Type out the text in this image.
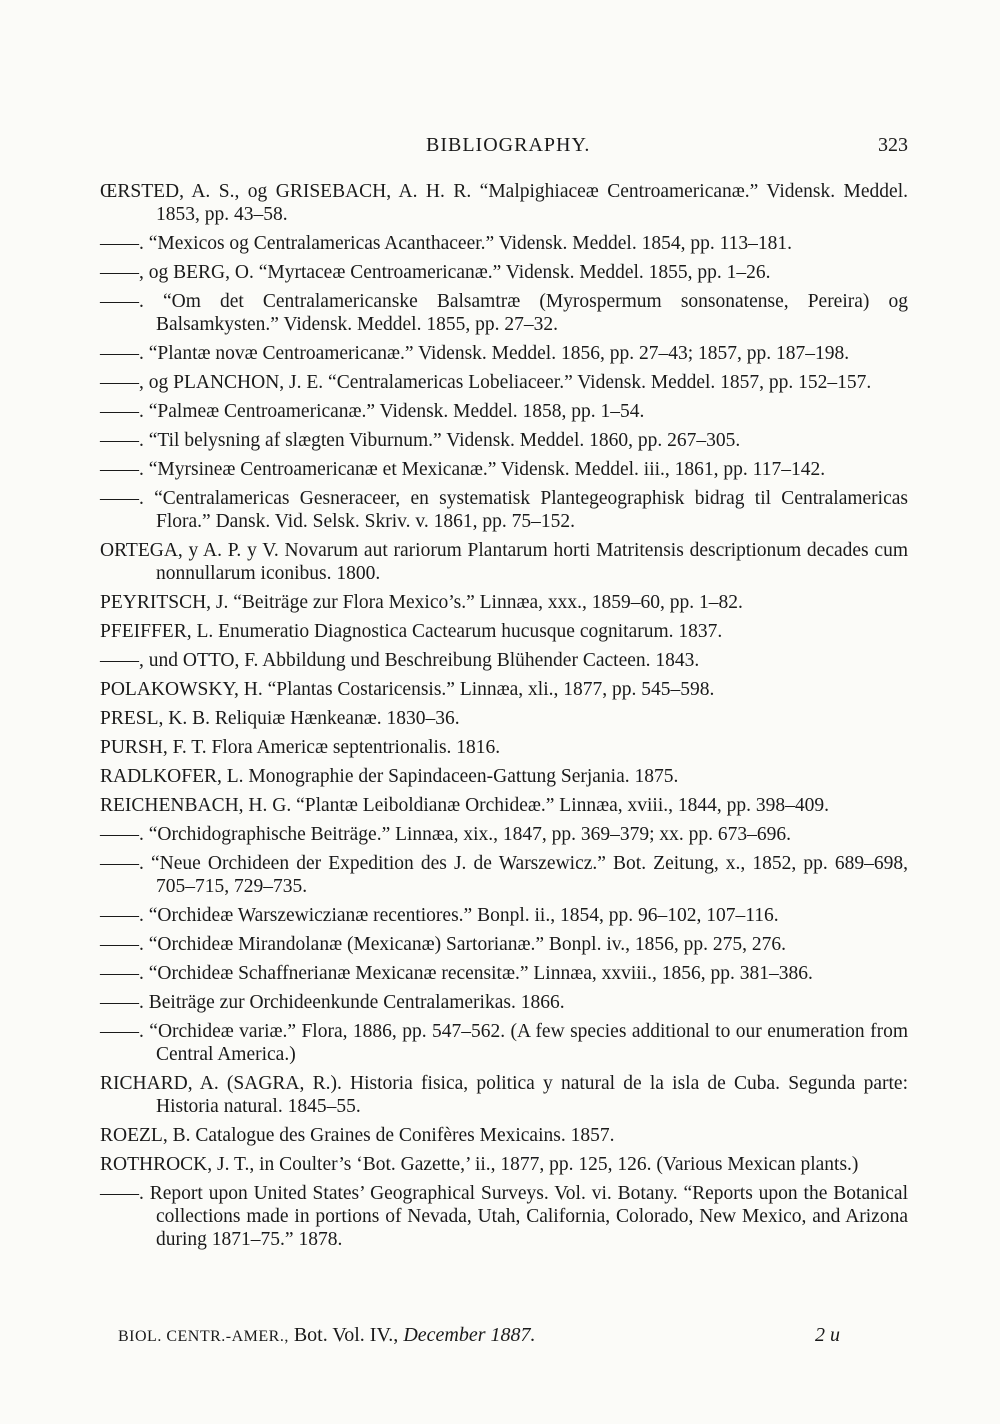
BIBLIOGRAPHY.	323
ŒRSTED, A. S., og GRISEBACH, A. H. R. “Malpighiaceæ Centroamericanæ.” Vidensk. Meddel. 1853, pp. 43–58.
——. “Mexicos og Centralamericas Acanthaceer.” Vidensk. Meddel. 1854, pp. 113–181.
——, og BERG, O. “Myrtaceæ Centroamericanæ.” Vidensk. Meddel. 1855, pp. 1–26.
——. “Om det Centralamericanske Balsamtræ (Myrospermum sonsonatense, Pereira) og Balsamkysten.” Vidensk. Meddel. 1855, pp. 27–32.
——. “Plantæ novæ Centroamericanæ.” Vidensk. Meddel. 1856, pp. 27–43; 1857, pp. 187–198.
——, og PLANCHON, J. E. “Centralamericas Lobeliaceer.” Vidensk. Meddel. 1857, pp. 152–157.
——. “Palmeæ Centroamericanæ.” Vidensk. Meddel. 1858, pp. 1–54.
——. “Til belysning af slægten Viburnum.” Vidensk. Meddel. 1860, pp. 267–305.
——. “Myrsineæ Centroamericanæ et Mexicanæ.” Vidensk. Meddel. iii., 1861, pp. 117–142.
——. “Centralamericas Gesneraceer, en systematisk Plantegeographisk bidrag til Centralamericas Flora.” Dansk. Vid. Selsk. Skriv. v. 1861, pp. 75–152.
ORTEGA, y A. P. y V. Novarum aut rariorum Plantarum horti Matritensis descriptionum decades cum nonnullarum iconibus. 1800.
PEYRITSCH, J. “Beiträge zur Flora Mexico’s.” Linnæa, xxx., 1859–60, pp. 1–82.
PFEIFFER, L. Enumeratio Diagnostica Cactearum hucusque cognitarum. 1837.
——, und OTTO, F. Abbildung und Beschreibung Blühender Cacteen. 1843.
POLAKOWSKY, H. “Plantas Costaricensis.” Linnæa, xli., 1877, pp. 545–598.
PRESL, K. B. Reliquiæ Hænkeanæ. 1830–36.
PURSH, F. T. Flora Americæ septentrionalis. 1816.
RADLKOFER, L. Monographie der Sapindaceen-Gattung Serjania. 1875.
REICHENBACH, H. G. “Plantæ Leiboldianæ Orchideæ.” Linnæa, xviii., 1844, pp. 398–409.
——. “Orchidographische Beiträge.” Linnæa, xix., 1847, pp. 369–379; xx. pp. 673–696.
——. “Neue Orchideen der Expedition des J. de Warszewicz.” Bot. Zeitung, x., 1852, pp. 689–698, 705–715, 729–735.
——. “Orchideæ Warszewiczianæ recentiores.” Bonpl. ii., 1854, pp. 96–102, 107–116.
——. “Orchideæ Mirandolanæ (Mexicanæ) Sartorianæ.” Bonpl. iv., 1856, pp. 275, 276.
——. “Orchideæ Schaffnerianæ Mexicanæ recensitæ.” Linnæa, xxviii., 1856, pp. 381–386.
——. Beiträge zur Orchideenkunde Centralamerikas. 1866.
——. “Orchideæ variæ.” Flora, 1886, pp. 547–562. (A few species additional to our enumeration from Central America.)
RICHARD, A. (SAGRA, R.). Historia fisica, politica y natural de la isla de Cuba. Segunda parte: Historia natural. 1845–55.
ROEZL, B. Catalogue des Graines de Conifères Mexicains. 1857.
ROTHROCK, J. T., in Coulter’s ‘Bot. Gazette,’ ii., 1877, pp. 125, 126. (Various Mexican plants.)
——. Report upon United States’ Geographical Surveys. Vol. vi. Botany. “Reports upon the Botanical collections made in portions of Nevada, Utah, California, Colorado, New Mexico, and Arizona during 1871–75.” 1878.
BIOL. CENTR.-AMER., Bot. Vol. IV., December 1887.	2 u
